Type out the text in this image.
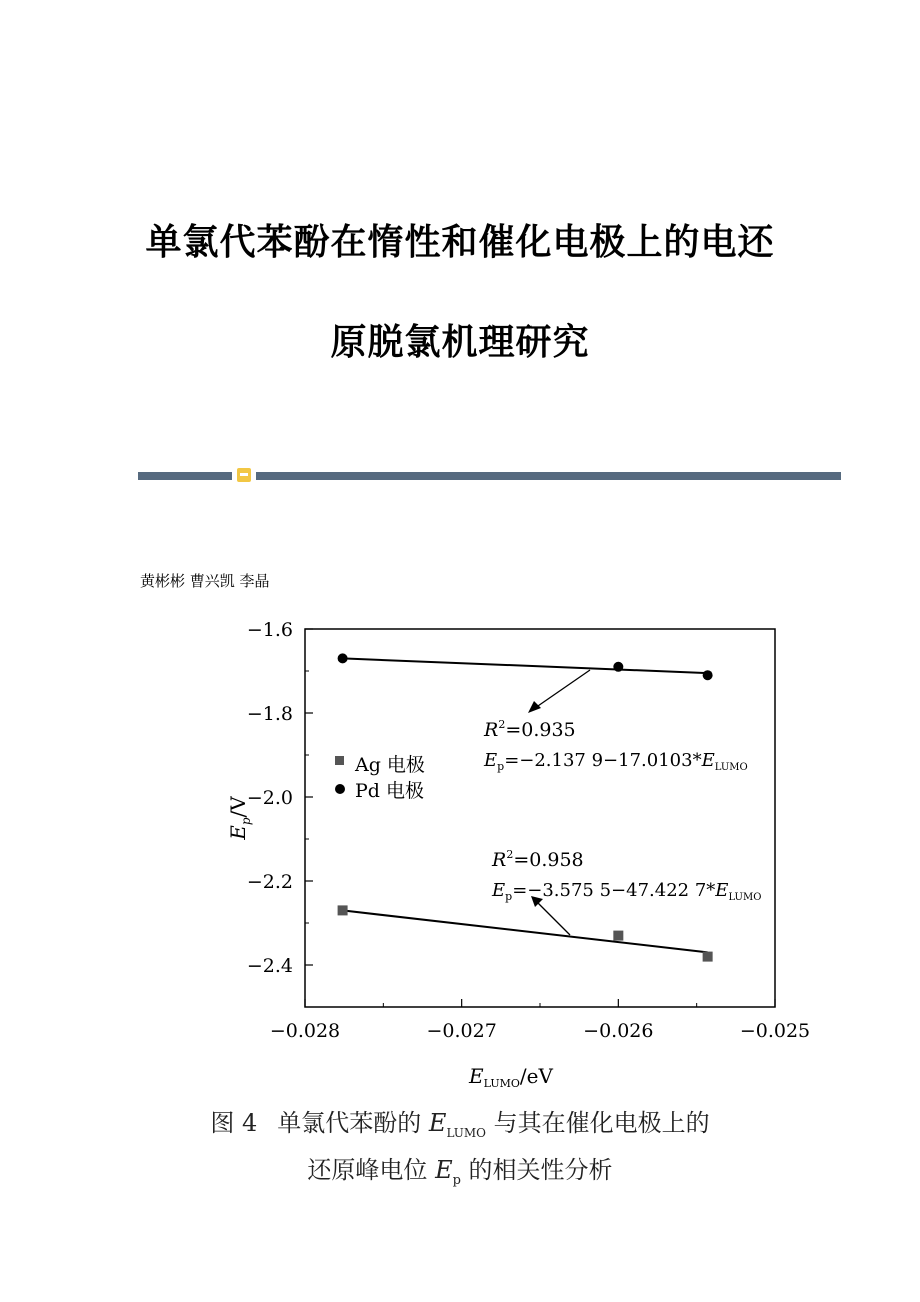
单氯代苯酚在惰性和催化电极上的电还
原脱氯机理研究
黄彬彬 曹兴凯 李晶
−0.028	−0.027	−0.026	−0.025
−1.6
−1.8
−2.0
−2.2
−2.4
$R^2=0.935$
$E_p=-2.137$ $9-17.0103*E_{LUMO}$
$R^2=0.958$
$E_p=-3.575$ 5−47.422 $7*E_{LUMO}$
Ag 电极
Pd 电极
$E_p/V$
$E_{LUMO}/eV$
图 4 单氯代苯酚的 $E_{LUMO}$ 与其在催化电极上的
还原峰电位 $E_p$ 的相关性分析
